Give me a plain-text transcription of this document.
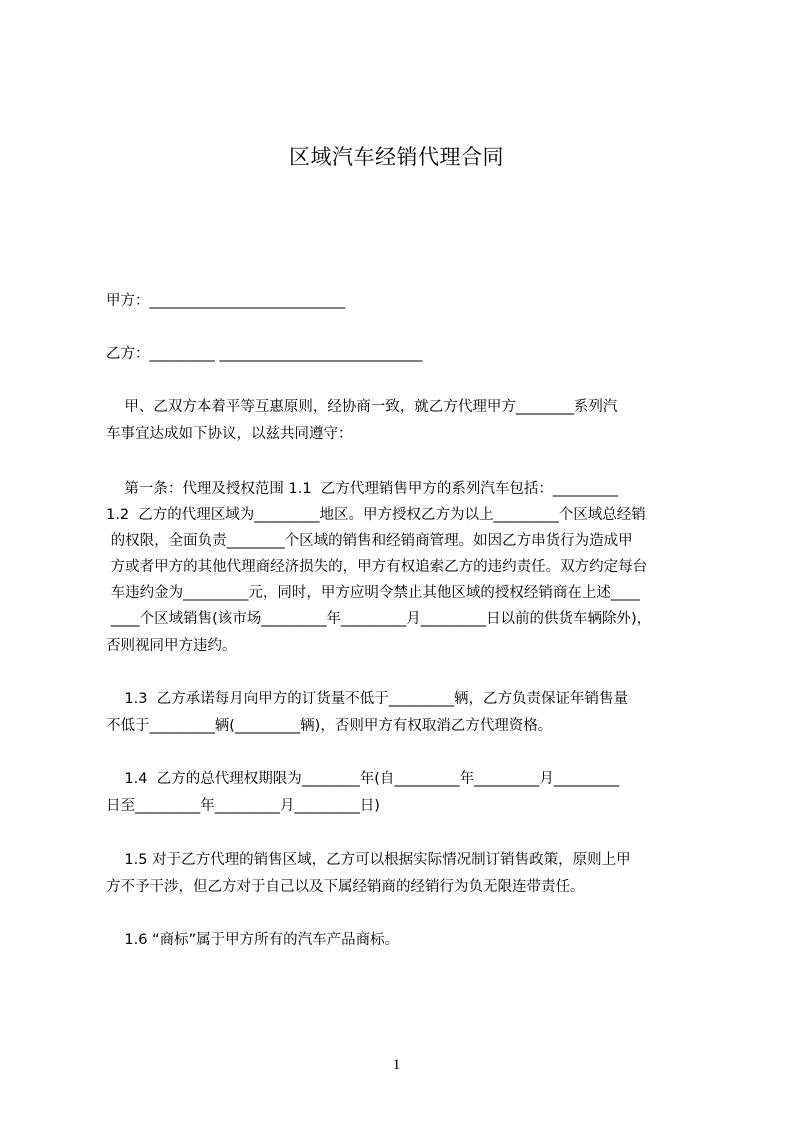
区域汽车经销代理合同
甲方：___________________________
乙方：_________ ____________________________
甲、乙双方本着平等互惠原则，经协商一致，就乙方代理甲方________系列汽
车事宜达成如下协议，以兹共同遵守：
第一条：代理及授权范围 1.1  乙方代理销售甲方的系列汽车包括：_________
1.2  乙方的代理区域为_________地区。甲方授权乙方为以上_________个区域总经销
的权限，全面负责________个区域的销售和经销商管理。如因乙方串货行为造成甲
方或者甲方的其他代理商经济损失的，甲方有权追索乙方的违约责任。双方约定每台
车违约金为_________元，同时，甲方应明令禁止其他区域的授权经销商在上述____
____个区域销售(该市场_________年_________月_________日以前的供货车辆除外)，
否则视同甲方违约。
1.3  乙方承诺每月向甲方的订货量不低于_________辆，乙方负责保证年销售量
不低于_________辆(_________辆)，否则甲方有权取消乙方代理资格。
1.4  乙方的总代理权期限为________年(自_________年_________月_________
日至_________年_________月_________日)
1.5 对于乙方代理的销售区域，乙方可以根据实际情况制订销售政策，原则上甲
方不予干涉，但乙方对于自己以及下属经销商的经销行为负无限连带责任。
1.6 “商标”属于甲方所有的汽车产品商标。
1
